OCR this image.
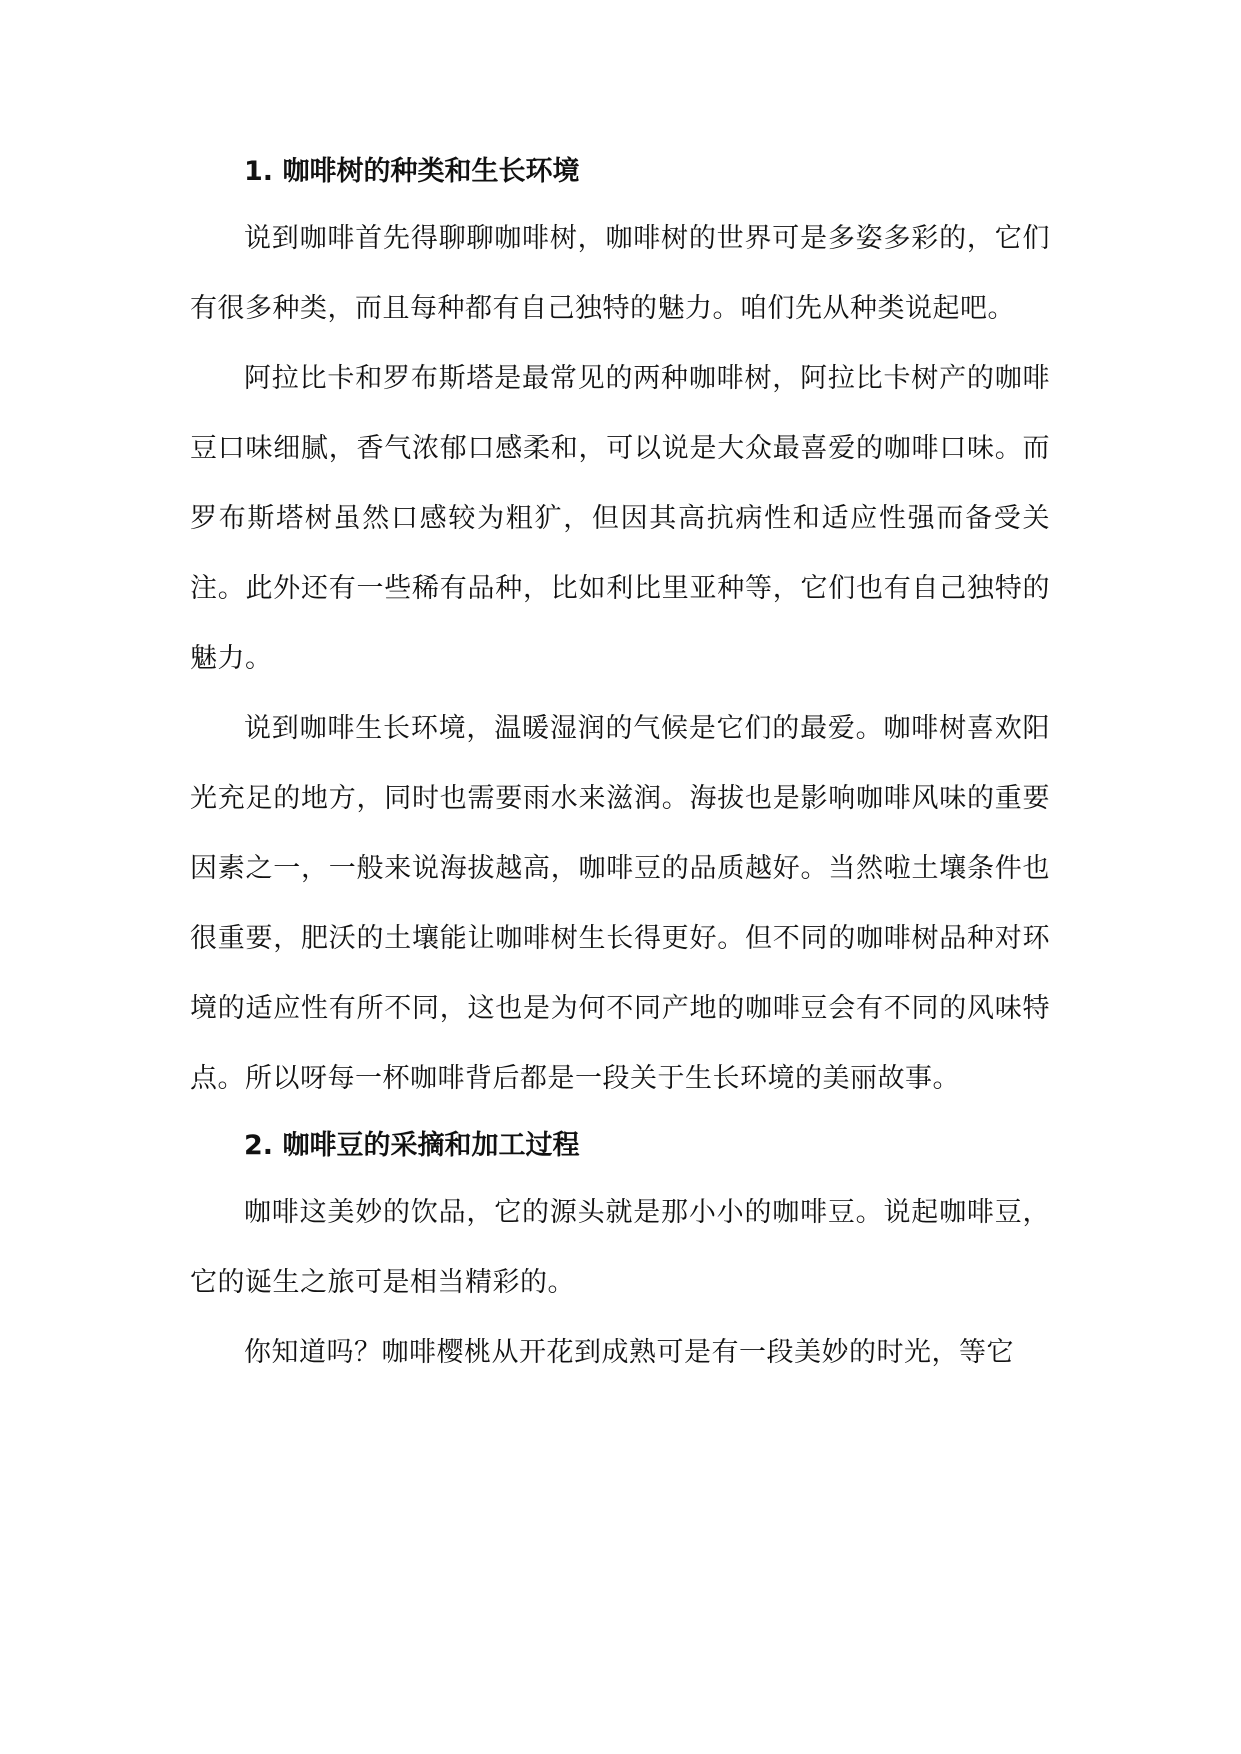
1. 咖啡树的种类和生长环境

说到咖啡首先得聊聊咖啡树，咖啡树的世界可是多姿多彩的，它们有很多种类，而且每种都有自己独特的魅力。咱们先从种类说起吧。

阿拉比卡和罗布斯塔是最常见的两种咖啡树，阿拉比卡树产的咖啡豆口味细腻，香气浓郁口感柔和，可以说是大众最喜爱的咖啡口味。而罗布斯塔树虽然口感较为粗犷，但因其高抗病性和适应性强而备受关注。此外还有一些稀有品种，比如利比里亚种等，它们也有自己独特的魅力。

说到咖啡生长环境，温暖湿润的气候是它们的最爱。咖啡树喜欢阳光充足的地方，同时也需要雨水来滋润。海拔也是影响咖啡风味的重要因素之一，一般来说海拔越高，咖啡豆的品质越好。当然啦土壤条件也很重要，肥沃的土壤能让咖啡树生长得更好。但不同的咖啡树品种对环境的适应性有所不同，这也是为何不同产地的咖啡豆会有不同的风味特点。所以呀每一杯咖啡背后都是一段关于生长环境的美丽故事。

2. 咖啡豆的采摘和加工过程

咖啡这美妙的饮品，它的源头就是那小小的咖啡豆。说起咖啡豆，它的诞生之旅可是相当精彩的。

你知道吗？咖啡樱桃从开花到成熟可是有一段美妙的时光，等它
